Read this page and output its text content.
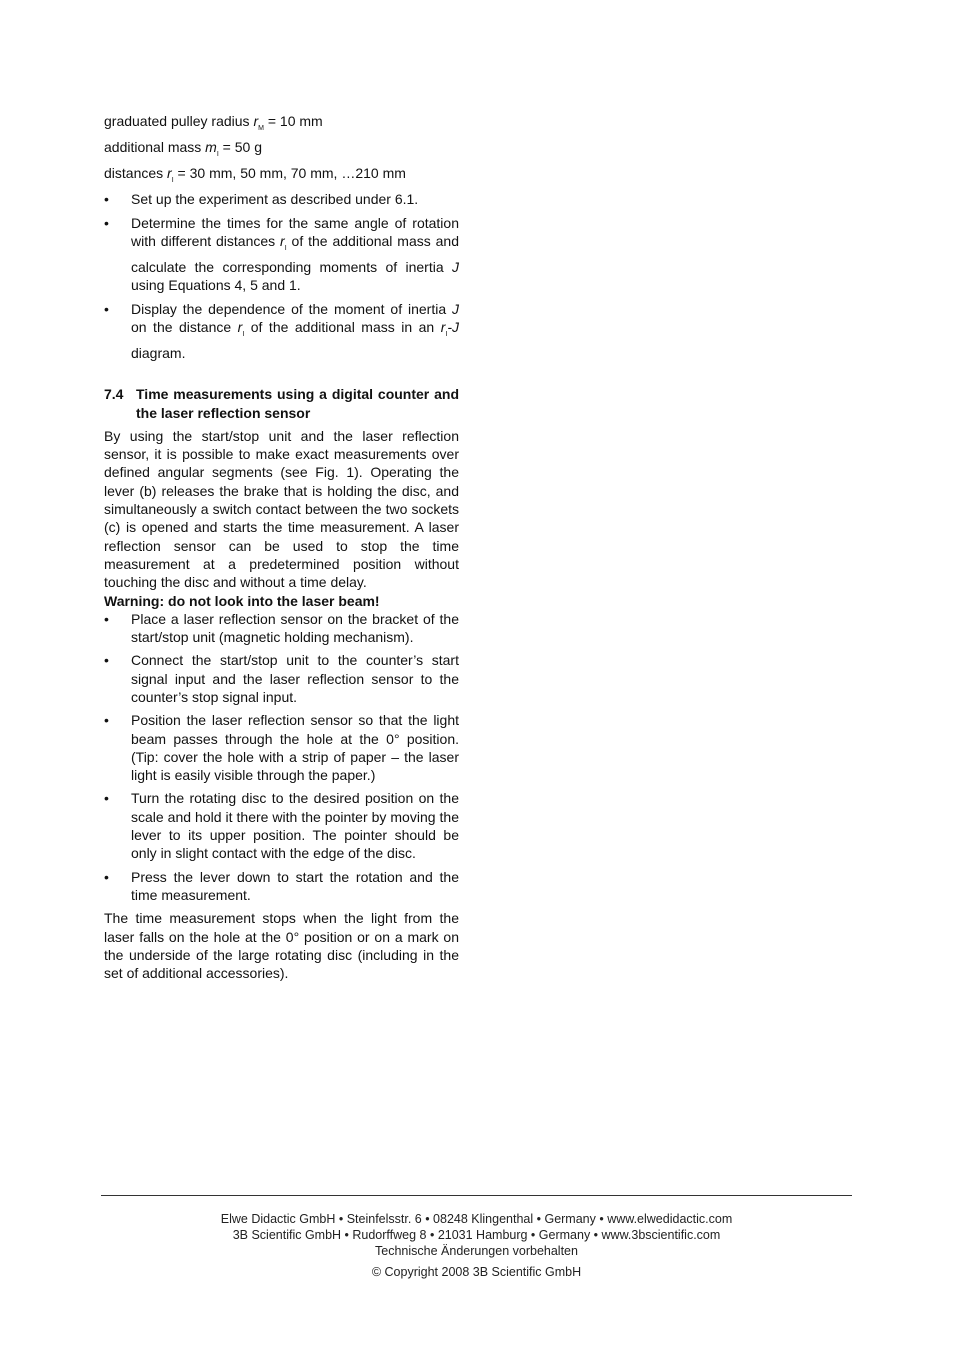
graduated pulley radius $r_M = 10$ mm

additional mass $m_I = 50$ g

distances $r_I = 30$ mm, 50 mm, 70 mm, …210 mm

• Set up the experiment as described under 6.1.

• Determine the times for the same angle of rotation with different distances $r_I$ of the additional mass and calculate the corresponding moments of inertia J using Equations 4, 5 and 1.

• Display the dependence of the moment of inertia J on the distance $r_I$ of the additional mass in an $r_I-J$ diagram.

7.4 Time measurements using a digital counter and the laser reflection sensor

By using the start/stop unit and the laser reflection sensor, it is possible to make exact measurements over defined angular segments (see Fig. 1). Operating the lever (b) releases the brake that is holding the disc, and simultaneously a switch contact between the two sockets (c) is opened and starts the time measurement. A laser reflection sensor can be used to stop the time measurement at a predetermined position without touching the disc and without a time delay.

Warning: do not look into the laser beam!

• Place a laser reflection sensor on the bracket of the start/stop unit (magnetic holding mechanism).

• Connect the start/stop unit to the counter’s start signal input and the laser reflection sensor to the counter’s stop signal input.

• Position the laser reflection sensor so that the light beam passes through the hole at the 0° position. (Tip: cover the hole with a strip of paper – the laser light is easily visible through the paper.)

• Turn the rotating disc to the desired position on the scale and hold it there with the pointer by moving the lever to its upper position. The pointer should be only in slight contact with the edge of the disc.

• Press the lever down to start the rotation and the time measurement.

The time measurement stops when the light from the laser falls on the hole at the 0° position or on a mark on the underside of the large rotating disc (including in the set of additional accessories).

Elwe Didactic GmbH • Steinfelsstr. 6 • 08248 Klingenthal • Germany • www.elwedidactic.com
3B Scientific GmbH • Rudorffweg 8 • 21031 Hamburg • Germany • www.3bscientific.com
Technische Änderungen vorbehalten
© Copyright 2008 3B Scientific GmbH
